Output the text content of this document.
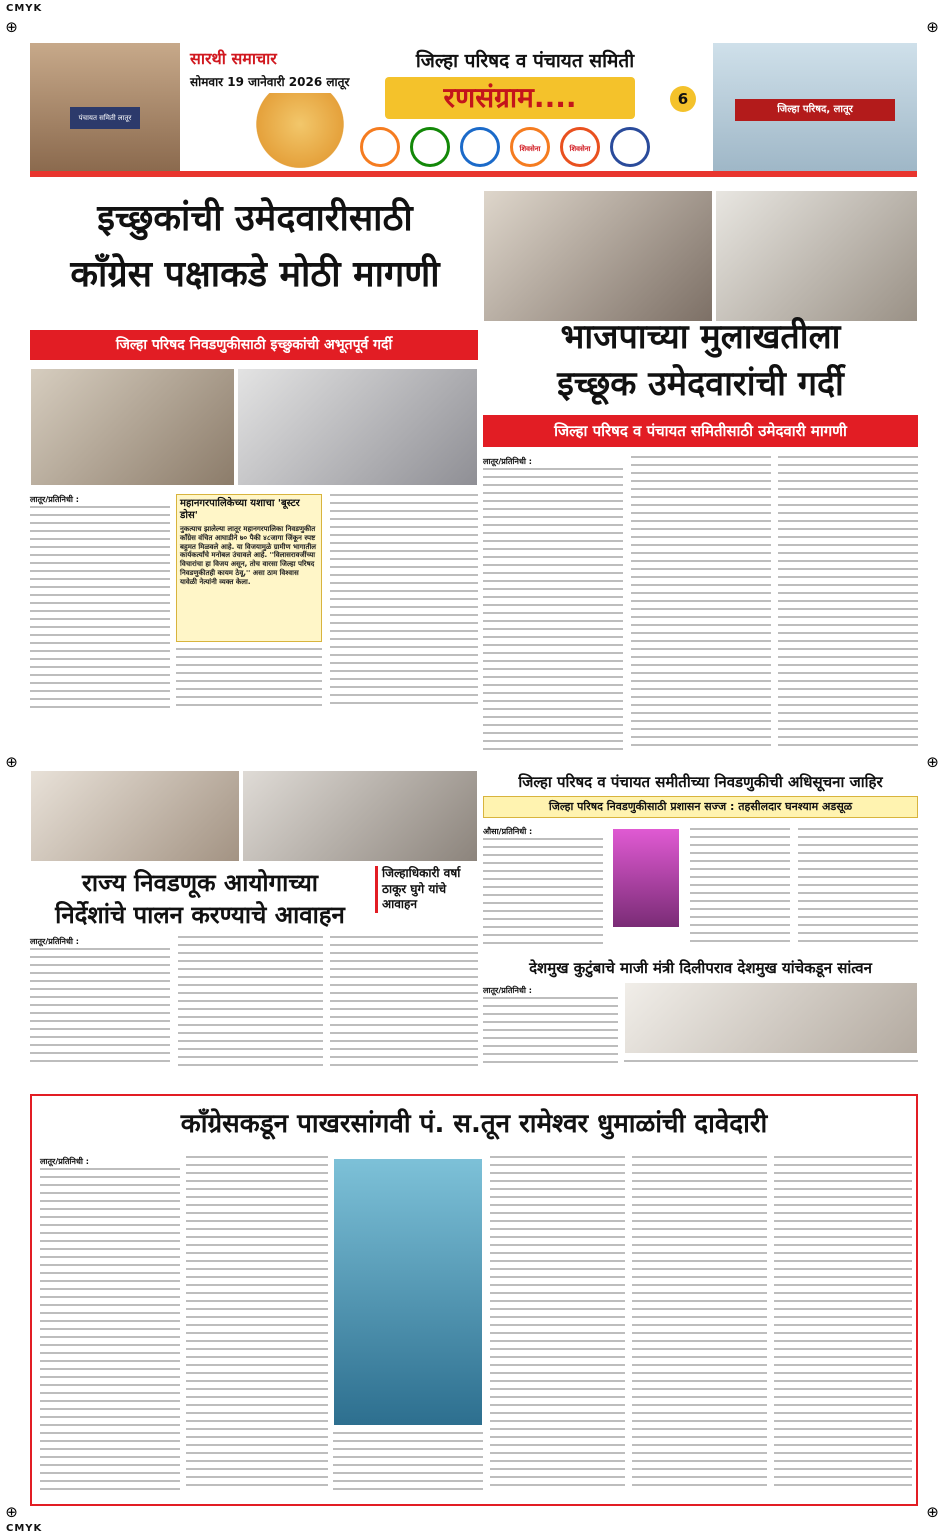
CMYK
CMYK
⊕	⊕
⊕	⊕
⊕	⊕
पंचायत समिती लातूर
सारथी समाचार
सोमवार 19 जानेवारी 2026 लातूर
जिल्हा परिषद व पंचायत समिती
रणसंग्राम....	6
शिवसेना	शिवसेना
जिल्हा परिषद, लातूर
इच्छुकांची उमेदवारीसाठी
काँग्रेस पक्षाकडे मोठी मागणी
जिल्हा परिषद निवडणुकीसाठी इच्छुकांची अभूतपूर्व गर्दी
लातूर/प्रतिनिधी :	महानगरपालिकेच्या यशाचा 'बूस्टर डोस'
नुकत्याच झालेल्या लातूर महानगरपालिका निवडणुकीत काँग्रेस वंचित आघाडीने ७० पैकी ४८जागा जिंकून स्पष्ट बहुमत मिळवले आहे. या विजयामुळे ग्रामीण भागातील कार्यकर्त्यांचे मनोबल उंचावले आहे. ''विलासरावजींच्या विचारांचा हा विजय असून, तोच वारसा जिल्हा परिषद निवडणुकीतही कायम ठेवू,'' असा ठाम विश्वास यावेळी नेत्यांनी व्यक्त केला.
भाजपाच्या मुलाखतीला
इच्छूक उमेदवारांची गर्दी
जिल्हा परिषद व पंचायत समितीसाठी उमेदवारी मागणी
लातूर/प्रतिनिधी :
जिल्हा परिषद व पंचायत समीतीच्या निवडणुकीची अधिसूचना जाहिर
जिल्हा परिषद निवडणुकीसाठी प्रशासन सज्ज : तहसीलदार घनश्याम अडसूळ
औसा/प्रतिनिधी :
राज्य निवडणूक आयोगाच्या
निर्देशांचे पालन करण्याचे आवाहन
जिल्हाधिकारी वर्षा ठाकूर घुगे यांचे आवाहन
लातूर/प्रतिनिधी :
देशमुख कुटुंबाचे माजी मंत्री दिलीपराव देशमुख यांचेकडून सांत्वन
लातूर/प्रतिनिधी :
काँग्रेसकडून पाखरसांगवी पं. स.तून रामेश्वर धुमाळांची दावेदारी
लातूर/प्रतिनिधी :
